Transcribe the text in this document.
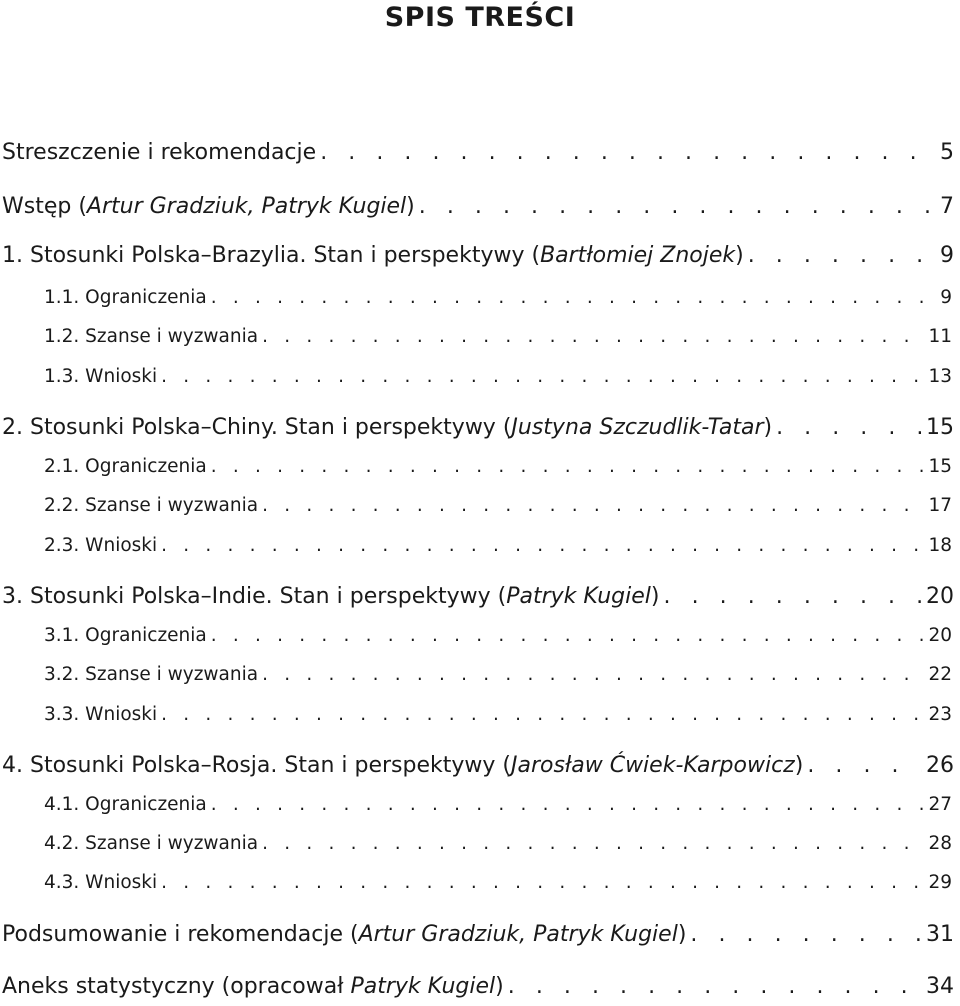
SPIS TREŚCI
Streszczenie i rekomendacje . . .	5
Wstęp (Artur Gradziuk, Patryk Kugiel) . . .	7
1. Stosunki Polska–Brazylia. Stan i perspektywy (Bartłomiej Znojek) . . .	9
1.1. Ograniczenia . . .	9
1.2. Szanse i wyzwania . . .	11
1.3. Wnioski . . .	13
2. Stosunki Polska–Chiny. Stan i perspektywy (Justyna Szczudlik-Tatar) . . .	15
2.1. Ograniczenia . . .	15
2.2. Szanse i wyzwania . . .	17
2.3. Wnioski . . .	18
3. Stosunki Polska–Indie. Stan i perspektywy (Patryk Kugiel) . . .	20
3.1. Ograniczenia . . .	20
3.2. Szanse i wyzwania . . .	22
3.3. Wnioski . . .	23
4. Stosunki Polska–Rosja. Stan i perspektywy (Jarosław Ćwiek-Karpowicz) . . .	26
4.1. Ograniczenia . . .	27
4.2. Szanse i wyzwania . . .	28
4.3. Wnioski . . .	29
Podsumowanie i rekomendacje (Artur Gradziuk, Patryk Kugiel) . . .	31
Aneks statystyczny (opracował Patryk Kugiel) . . .	34
